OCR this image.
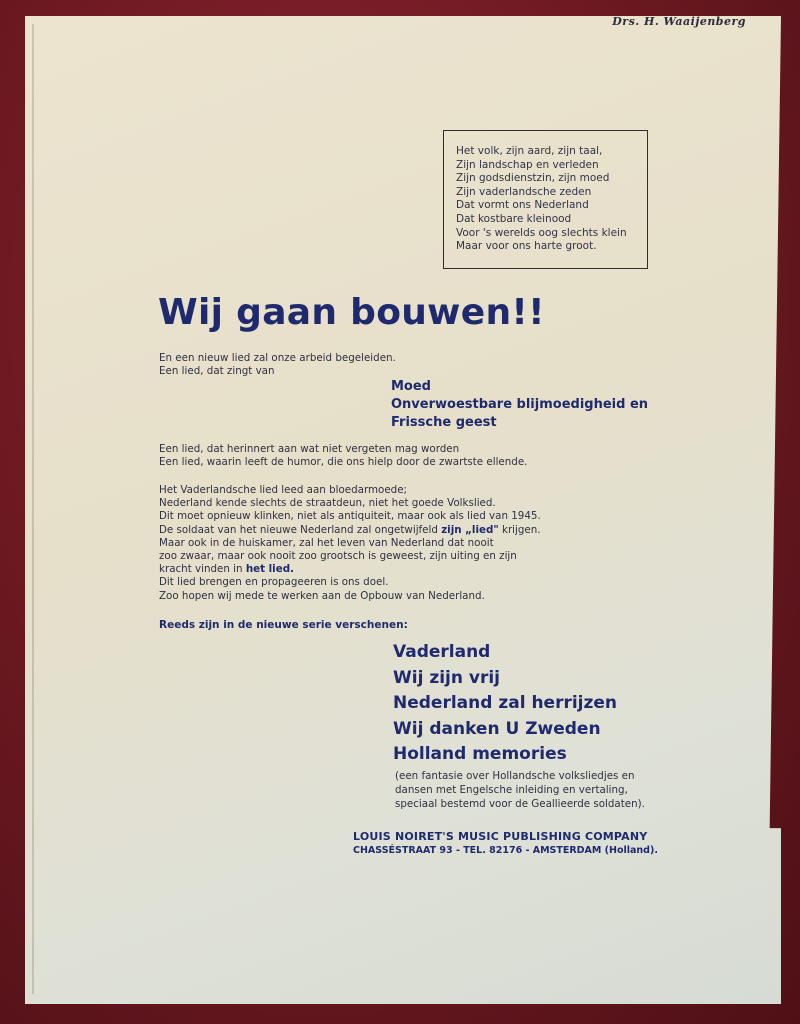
Drs. H. Waaijenberg
Het volk, zijn aard, zijn taal,
Zijn landschap en verleden
Zijn godsdienstzin, zijn moed
Zijn vaderlandsche zeden
Dat vormt ons Nederland
Dat kostbare kleinood
Voor 's werelds oog slechts klein
Maar voor ons harte groot.
Wij gaan bouwen!!
En een nieuw lied zal onze arbeid begeleiden.
Een lied, dat zingt van
Moed
Onverwoestbare blijmoedigheid en
Frissche geest
Een lied, dat herinnert aan wat niet vergeten mag worden
Een lied, waarin leeft de humor, die ons hielp door de zwartste ellende.
Het Vaderlandsche lied leed aan bloedarmoede;
Nederland kende slechts de straatdeun, niet het goede Volkslied.
Dit moet opnieuw klinken, niet als antiquiteit, maar ook als lied van 1945.
De soldaat van het nieuwe Nederland zal ongetwijfeld zijn „lied" krijgen.
Maar ook in de huiskamer, zal het leven van Nederland dat nooit
zoo zwaar, maar ook nooit zoo grootsch is geweest, zijn uiting en zijn
kracht vinden in het lied.
Dit lied brengen en propageeren is ons doel.
Zoo hopen wij mede te werken aan de Opbouw van Nederland.
Reeds zijn in de nieuwe serie verschenen:
Vaderland
Wij zijn vrij
Nederland zal herrijzen
Wij danken U Zweden
Holland memories
(een fantasie over Hollandsche volksliedjes en
dansen met Engelsche inleiding en vertaling,
speciaal bestemd voor de Geallieerde soldaten).
LOUIS NOIRET'S MUSIC PUBLISHING COMPANY
CHASSÉSTRAAT 93 - TEL. 82176 - AMSTERDAM (Holland).
